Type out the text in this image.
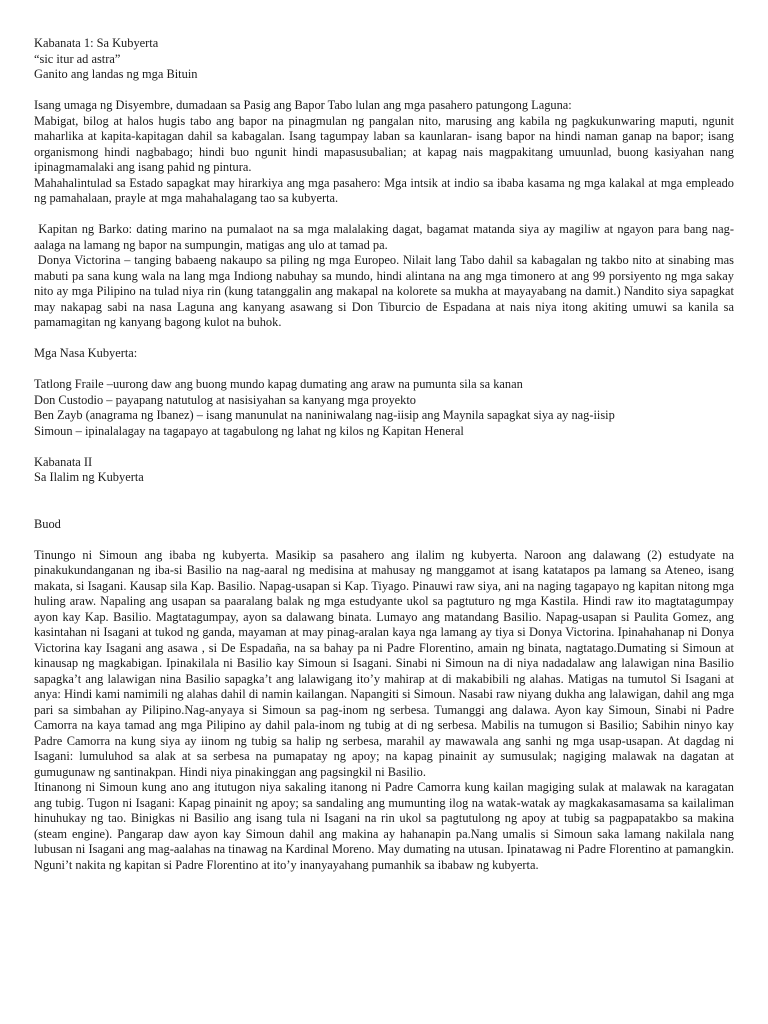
Kabanata 1: Sa Kubyerta
“sic itur ad astra”
Ganito ang landas ng mga Bituin

Isang umaga ng Disyembre, dumadaan sa Pasig ang Bapor Tabo lulan ang mga pasahero patungong Laguna:

Mabigat, bilog at halos hugis tabo ang bapor na pinagmulan ng pangalan nito, marusing ang kabila ng pagkukunwaring maputi, ngunit maharlika at kapita-kapitagan dahil sa kabagalan. Isang tagumpay laban sa kaunlaran- isang bapor na hindi naman ganap na bapor; isang organismong hindi nagbabago; hindi buo ngunit hindi mapasusubalian; at kapag nais magpakitang umuunlad, buong kasiyahan nang ipinagmamalaki ang isang pahid ng pintura.

Mahahalintulad sa Estado sapagkat may hirarkiya ang mga pasahero: Mga intsik at indio sa ibaba kasama ng mga kalakal at mga empleado ng pamahalaan, prayle at mga mahahalagang tao sa kubyerta.

Kapitan ng Barko: dating marino na pumalaot na sa mga malalaking dagat, bagamat matanda siya ay magiliw at ngayon para bang nag-aalaga na lamang ng bapor na sumpungin, matigas ang ulo at tamad pa.

Donya Victorina – tanging babaeng nakaupo sa piling ng mga Europeo. Nilait lang Tabo dahil sa kabagalan ng takbo nito at sinabing mas mabuti pa sana kung wala na lang mga Indiong nabuhay sa mundo, hindi alintana na ang mga timonero at ang 99 porsiyento ng mga sakay nito ay mga Pilipino na tulad niya rin (kung tatanggalin ang makapal na kolorete sa mukha at mayayabang na damit.) Nandito siya sapagkat may nakapag sabi na nasa Laguna ang kanyang asawang si Don Tiburcio de Espadana at nais niya itong akiting umuwi sa kanila sa pamamagitan ng kanyang bagong kulot na buhok.

Mga Nasa Kubyerta:
Tatlong Fraile –uurong daw ang buong mundo kapag dumating ang araw na pumunta sila sa kanan
Don Custodio – payapang natutulog at nasisiyahan sa kanyang mga proyekto
Ben Zayb (anagrama ng Ibanez) – isang manunulat na naniniwalang nag-iisip ang Maynila sapagkat siya ay nag-iisip
Simoun – ipinalalagay na tagapayo at tagabulong ng lahat ng kilos ng Kapitan Heneral
Kabanata II
Sa Ilalim ng Kubyerta
Buod

Tinungo ni Simoun ang ibaba ng kubyerta. Masikip sa pasahero ang ilalim ng kubyerta. Naroon ang dalawang (2) estudyate na pinakukundanganan ng iba-si Basilio na nag-aaral ng medisina at mahusay ng manggamot at isang katatapos pa lamang sa Ateneo, isang makata, si Isagani. Kausap sila Kap. Basilio. Napag-usapan si Kap. Tiyago. Pinauwi raw siya, ani na naging tagapayo ng kapitan nitong mga huling araw. Napaling ang usapan sa paaralang balak ng mga estudyante ukol sa pagtuturo ng mga Kastila. Hindi raw ito magtatagumpay ayon kay Kap. Basilio. Magtatagumpay, ayon sa dalawang binata. Lumayo ang matandang Basilio. Napag-usapan si Paulita Gomez, ang kasintahan ni Isagani at tukod ng ganda, mayaman at may pinag-aralan kaya nga lamang ay tiya si Donya Victorina. Ipinahahanap ni Donya Victorina kay Isagani ang asawa , si De Espadaña, na sa bahay pa ni Padre Florentino, amain ng binata, nagtatago.Dumating si Simoun at kinausap ng magkabigan. Ipinakilala ni Basilio kay Simoun si Isagani. Sinabi ni Simoun na di niya nadadalaw ang lalawigan nina Basilio sapagka’t ang lalawigan nina Basilio sapagka’t ang lalawigang ito’y mahirap at di makabibili ng alahas. Matigas na tumutol Si Isagani at anya: Hindi kami namimili ng alahas dahil di namin kailangan. Napangiti si Simoun. Nasabi raw niyang dukha ang lalawigan, dahil ang mga pari sa simbahan ay Pilipino.Nag-anyaya si Simoun sa pag-inom ng serbesa. Tumanggi ang dalawa. Ayon kay Simoun, Sinabi ni Padre Camorra na kaya tamad ang mga Pilipino ay dahil pala-inom ng tubig at di ng serbesa. Mabilis na tumugon si Basilio; Sabihin ninyo kay Padre Camorra na kung siya ay iinom ng tubig sa halip ng serbesa, marahil ay mawawala ang sanhi ng mga usap-usapan. At dagdag ni Isagani: lumuluhod sa alak at sa serbesa na pumapatay ng apoy; na kapag pinainit ay sumusulak; nagiging malawak na dagatan at gumugunaw ng santinakpan. Hindi niya pinakinggan ang pagsingkil ni Basilio.

Itinanong ni Simoun kung ano ang itutugon niya sakaling itanong ni Padre Camorra kung kailan magiging sulak at malawak na karagatan ang tubig. Tugon ni Isagani: Kapag pinainit ng apoy; sa sandaling ang mumunting ilog na watak-watak ay magkakasamasama sa kailaliman hinuhukay ng tao. Binigkas ni Basilio ang isang tula ni Isagani na rin ukol sa pagtutulong ng apoy at tubig sa pagpapatakbo sa makina (steam engine). Pangarap daw ayon kay Simoun dahil ang makina ay hahanapin pa.Nang umalis si Simoun saka lamang nakilala nang lubusan ni Isagani ang mag-aalahas na tinawag na Kardinal Moreno. May dumating na utusan. Ipinatawag ni Padre Florentino at pamangkin. Nguni’t nakita ng kapitan si Padre Florentino at ito’y inanyayahang pumanhik sa ibabaw ng kubyerta.
